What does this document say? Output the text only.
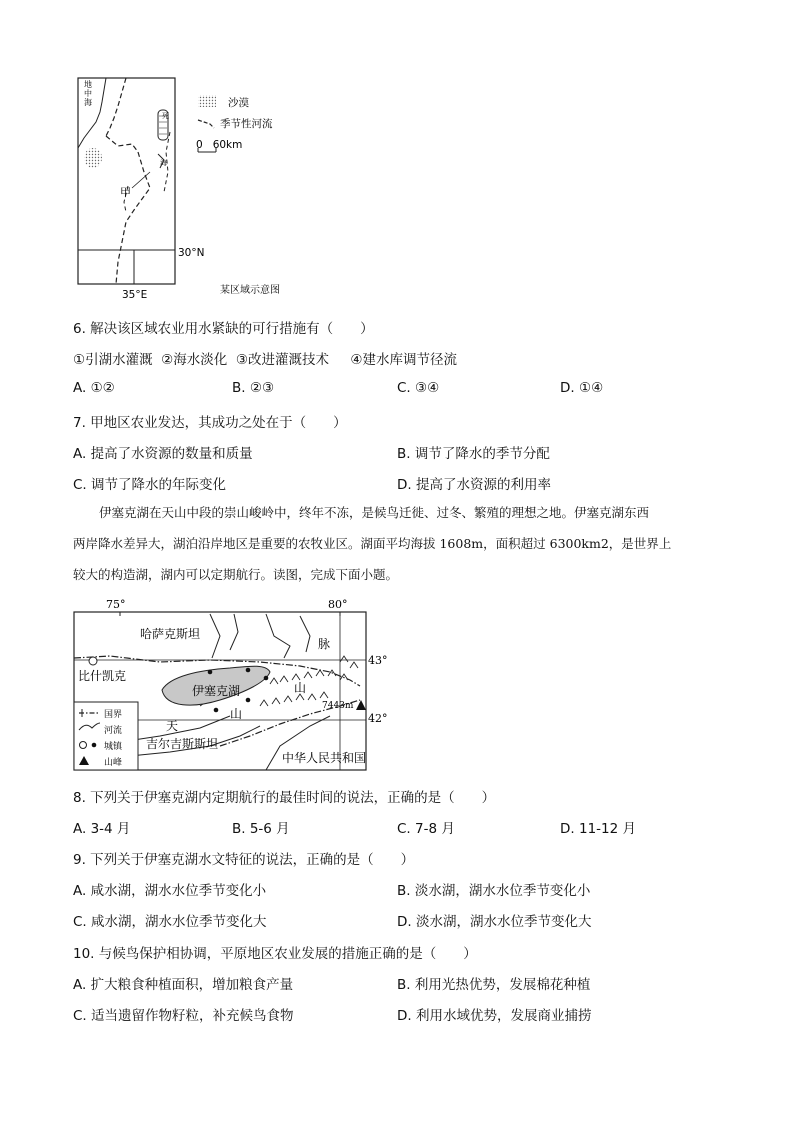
地
中
海
死
海
甲
30°N
35°E
沙漠
季节性河流
0   60km
某区域示意图
6. 解决该区域农业用水紧缺的可行措施有（　　）
①引湖水灌溉  ②海水淡化  ③改进灌溉技术     ④建水库调节径流
A. ①②	B. ②③	C. ③④	D. ①④
7. 甲地区农业发达，其成功之处在于（　　）
A. 提高了水资源的数量和质量	B. 调节了降水的季节分配
C. 调节了降水的年际变化	D. 提高了水资源的利用率

伊塞克湖在天山中段的崇山峻岭中，终年不冻，是候鸟迁徙、过冬、繁殖的理想之地。伊塞克湖东西

两岸降水差异大，湖泊沿岸地区是重要的农牧业区。湖面平均海拔 1608m，面积超过 6300km2，是世界上

较大的构造湖，湖内可以定期航行。读图，完成下面小题。

75°	80°
43°
42°
伊塞克湖
7443m
哈萨克斯坦
比什凯克
脉
山
山
天
吉尔吉斯斯坦
中华人民共和国
国界
河流
城镇
山峰
8. 下列关于伊塞克湖内定期航行的最佳时间的说法，正确的是（　　）
A. 3-4 月	B. 5-6 月	C. 7-8 月	D. 11-12 月
9. 下列关于伊塞克湖水文特征的说法，正确的是（　　）
A. 咸水湖，湖水水位季节变化小	B. 淡水湖，湖水水位季节变化小
C. 咸水湖，湖水水位季节变化大	D. 淡水湖，湖水水位季节变化大
10. 与候鸟保护相协调，平原地区农业发展的措施正确的是（　　）
A. 扩大粮食种植面积，增加粮食产量	B. 利用光热优势，发展棉花种植
C. 适当遗留作物籽粒，补充候鸟食物	D. 利用水域优势，发展商业捕捞
